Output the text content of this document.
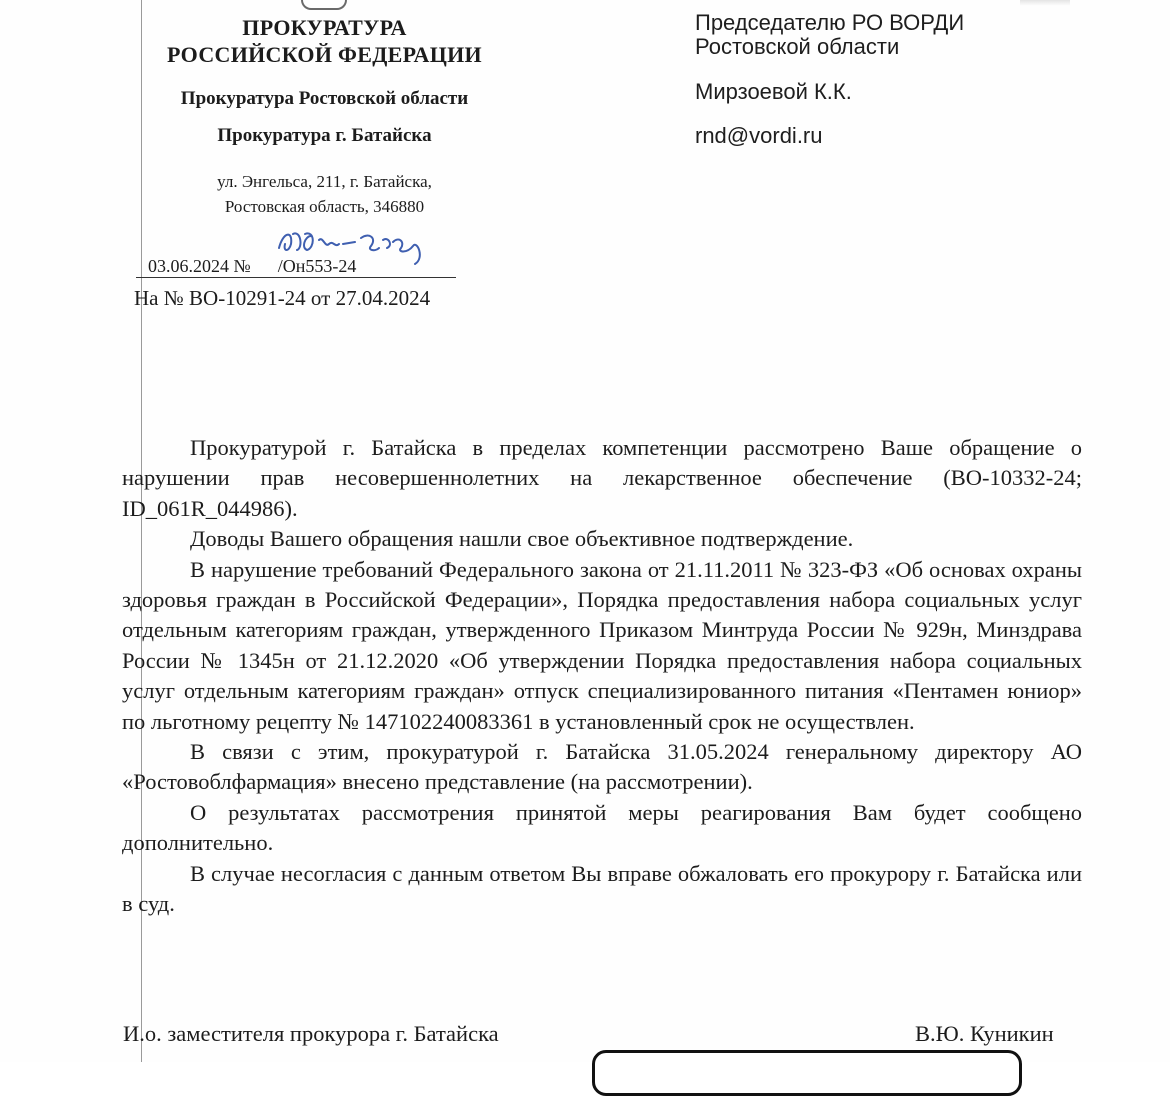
ПРОКУРАТУРА
РОССИЙСКОЙ ФЕДЕРАЦИИ
Прокуратура Ростовской области
Прокуратура г. Батайска
ул. Энгельса, 211, г. Батайска,
Ростовская область, 346880
03.06.2024 № /Он553-24
На № ВО-10291-24 от 27.04.2024
Председателю РО ВОРДИ
Ростовской области
Мирзоевой К.К.
rnd@vordi.ru

Прокуратурой г. Батайска в пределах компетенции рассмотрено Ваше обращение о нарушении прав несовершеннолетних на лекарственное обеспечение (ВО-10332-24; ID_061R_044986).

Доводы Вашего обращения нашли свое объективное подтверждение.

В нарушение требований Федерального закона от 21.11.2011 № 323-ФЗ «Об основах охраны здоровья граждан в Российской Федерации», Порядка предоставления набора социальных услуг отдельным категориям граждан, утвержденного Приказом Минтруда России № 929н, Минздрава России № 1345н от 21.12.2020 «Об утверждении Порядка предоставления набора социальных услуг отдельным категориям граждан» отпуск специализированного питания «Пентамен юниор» по льготному рецепту № 147102240083361 в установленный срок не осуществлен.

В связи с этим, прокуратурой г. Батайска 31.05.2024 генеральному директору АО «Ростовоблфармация» внесено представление (на рассмотрении).

О результатах рассмотрения принятой меры реагирования Вам будет сообщено дополнительно.

В случае несогласия с данным ответом Вы вправе обжаловать его прокурору г. Батайска или в суд.

И.о. заместителя прокурора г. Батайска	В.Ю. Куникин
